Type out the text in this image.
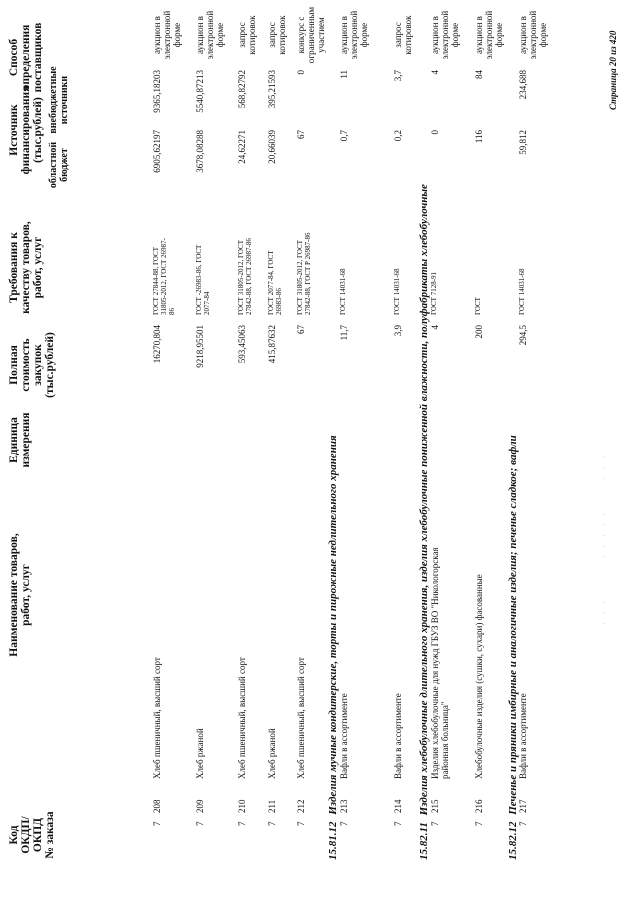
Код ОКДП/ ОКПД № заказа
Наименование товаров, работ, услуг
Единица измерения
Полная стоимость закупок (тыс.рублей)
Требования к качеству товаров, работ, услуг
Источник финансирования (тыс.рублей)
Способ определения поставщиков
областной бюджет
внебюджетные источники
7
208
Хлеб пшеничный, высший сорт
16270,804
ГОСТ 27844-88, ГОСТ 31805-2012, ГОСТ 26987- 86
6905,62197
9365,18203
аукцион в электронной форме
7
209
Хлеб ржаной
9218,95501
ГОСТ -26983-86, ГОСТ 2077-84
3678,08288
5540,87213
аукцион в электронной форме
7
210
Хлеб пшеничный, высший сорт
593,45063
ГОСТ 31805-2012, ГОСТ 27842-88, ГОСТ 26987-86
24,62271
568,82792
запрос котировок
7
211
Хлеб ржаной
415,87632
ГОСТ 2077-84, ГОСТ 26983-86
20,66039
395,21593
запрос котировок
7
212
Хлеб пшеничный, высший сорт
67
ГОСТ 31805-2012, ГОСТ 27842-88, ГОСТ Р 26987-86
67
0
конкурс с ограниченным участием
15.81.12 Изделия мучные кондитерские, торты и пирожные недлительного хранения
7
213
Вафли в ассортименте
11,7
ГОСТ 14031-68
0,7
11
аукцион в электронной форме
7
214
Вафли в ассортименте
3,9
ГОСТ 14031-68
0,2
3,7
запрос котировок
15.82.11 Изделия хлебобулочные длительного хранения, изделия хлебобулочные пониженной влажности, полуфабрикаты хлебобулочные
7
215
Изделия хлебобулочные для нужд ГБУЗ ВО "Никологорская районная больница"
4
ГОСТ 7128-91
0
4
аукцион в электронной форме
7
216
Хлебобулочные изделия (сушки, сухари) фасованные
200
ГОСТ
116
84
аукцион в электронной форме
15.82.12 Печенье и пряники имбирные и аналогичные изделия; печенье сладкое; вафли
7
217
Вафли в ассортименте
294,5
ГОСТ 14031-68
59,812
234,688
аукцион в электронной форме
· · ·        · · · · ·      · · ·
Страница 20 из 420
